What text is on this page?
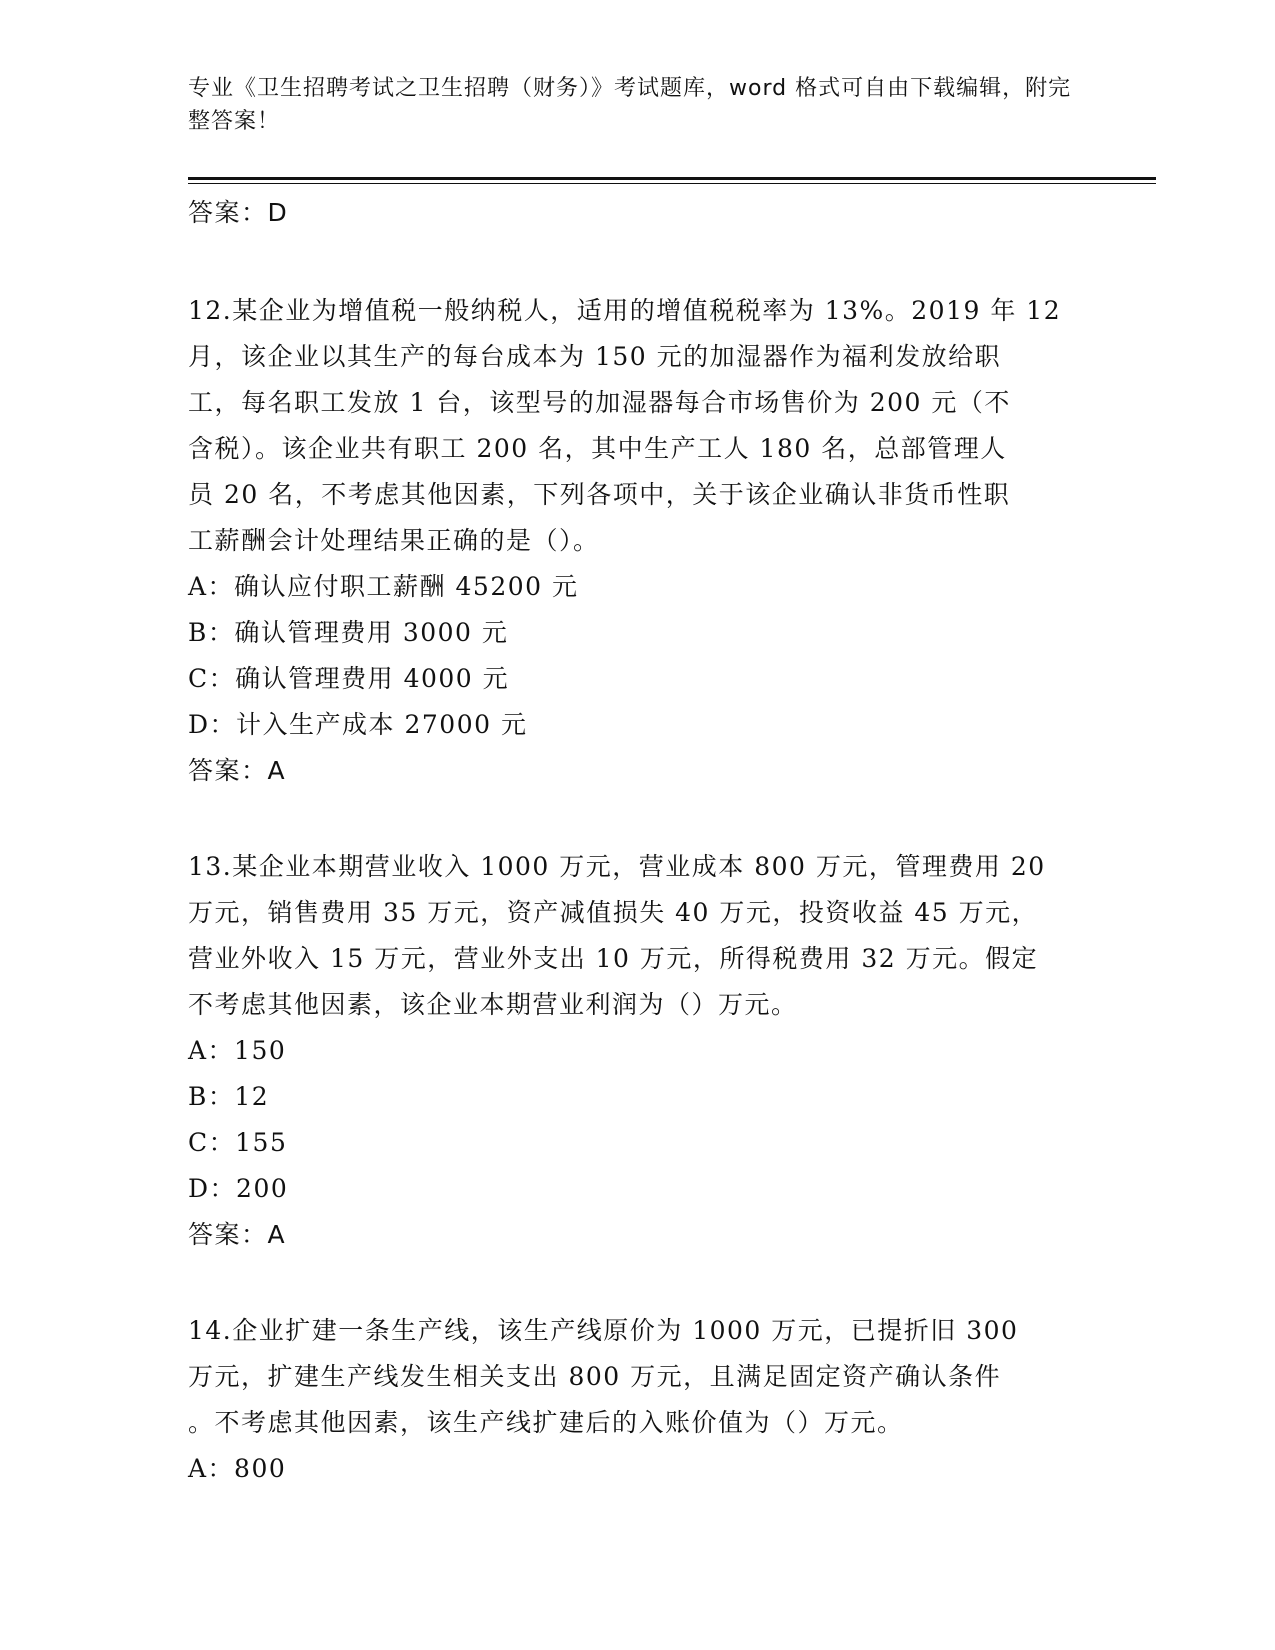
专业《卫生招聘考试之卫生招聘（财务）》考试题库，word 格式可自由下载编辑，附完整答案！
答案：D
12.某企业为增值税一般纳税人，适用的增值税税率为 13%。2019 年 12
月，该企业以其生产的每台成本为 150 元的加湿器作为福利发放给职
工，每名职工发放 1 台，该型号的加湿器每合市场售价为 200 元（不
含税）。该企业共有职工 200 名，其中生产工人 180 名，总部管理人
员 20 名，不考虑其他因素，下列各项中，关于该企业确认非货币性职
工薪酬会计处理结果正确的是（）。
A：确认应付职工薪酬 45200 元
B：确认管理费用 3000 元
C：确认管理费用 4000 元
D：计入生产成本 27000 元
答案：A
13.某企业本期营业收入 1000 万元，营业成本 800 万元，管理费用 20
万元，销售费用 35 万元，资产减值损失 40 万元，投资收益 45 万元，
营业外收入 15 万元，营业外支出 10 万元，所得税费用 32 万元。假定
不考虑其他因素，该企业本期营业利润为（）万元。
A：150
B：12
C：155
D：200
答案：A
14.企业扩建一条生产线，该生产线原价为 1000 万元，已提折旧 300
万元，扩建生产线发生相关支出 800 万元，且满足固定资产确认条件
。不考虑其他因素，该生产线扩建后的入账价值为（）万元。
A：800
